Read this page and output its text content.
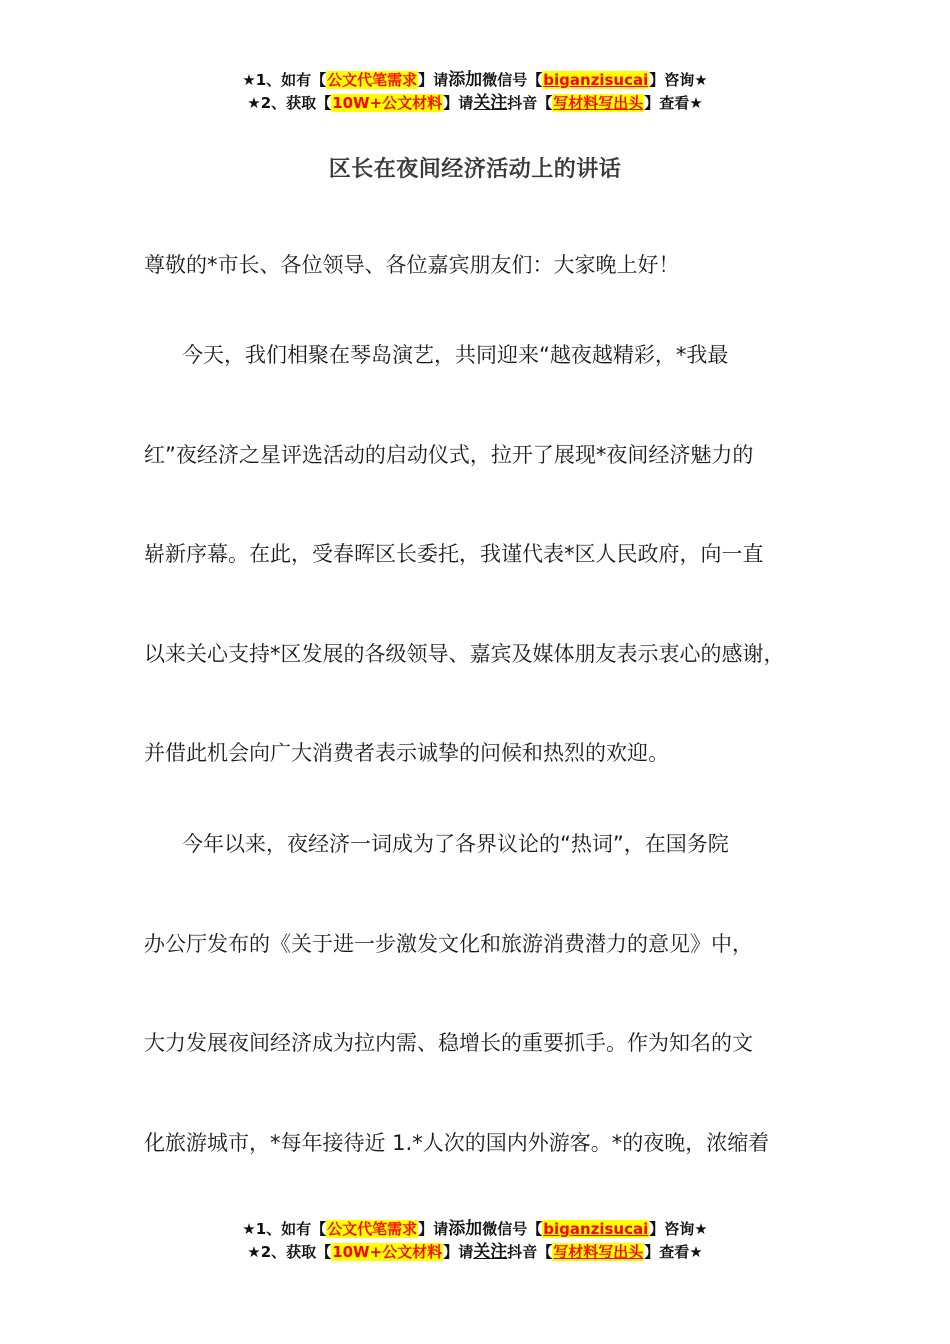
★1、如有【公文代笔需求】请添加微信号【biganzisucai】咨询★
★2、获取【10W+公文材料】请关注抖音【写材料写出头】查看★
区长在夜间经济活动上的讲话
尊敬的*市长、各位领导、各位嘉宾朋友们：大家晚上好！

今天，我们相聚在琴岛演艺，共同迎来“越夜越精彩，*我最

红”夜经济之星评选活动的启动仪式，拉开了展现*夜间经济魅力的
崭新序幕。在此，受春晖区长委托，我谨代表*区人民政府，向一直
以来关心支持*区发展的各级领导、嘉宾及媒体朋友表示衷心的感谢，
并借此机会向广大消费者表示诚挚的问候和热烈的欢迎。

今年以来，夜经济一词成为了各界议论的“热词”，在国务院

办公厅发布的《关于进一步激发文化和旅游消费潜力的意见》中，
大力发展夜间经济成为拉内需、稳增长的重要抓手。作为知名的文
化旅游城市，*每年接待近 1.*人次的国内外游客。*的夜晚，浓缩着
★1、如有【公文代笔需求】请添加微信号【biganzisucai】咨询★
★2、获取【10W+公文材料】请关注抖音【写材料写出头】查看★
